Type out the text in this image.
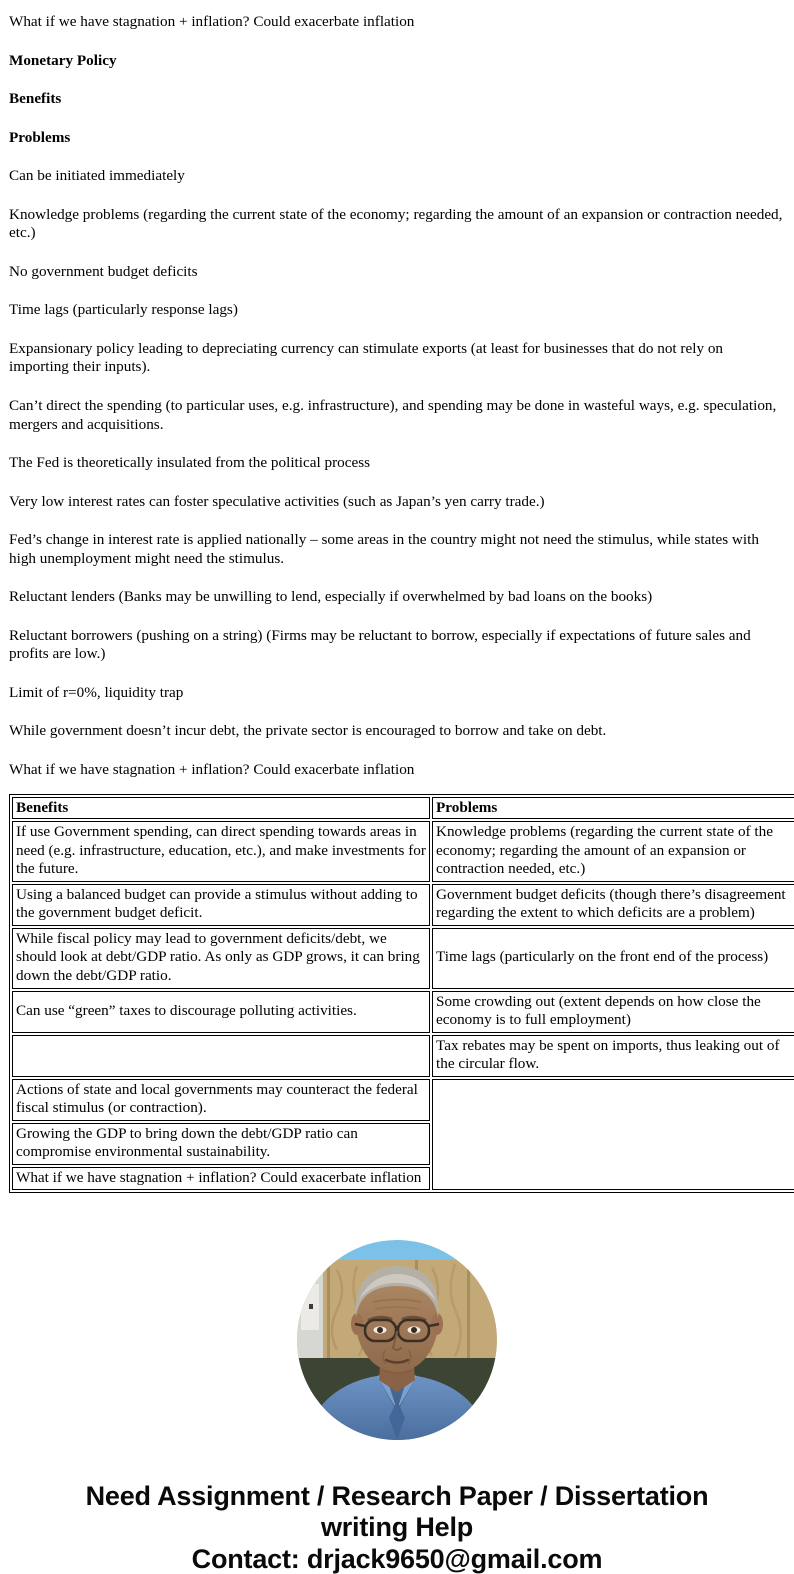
What if we have stagnation + inflation? Could exacerbate inflation

Monetary Policy

Benefits

Problems

Can be initiated immediately

Knowledge problems (regarding the current state of the economy; regarding the amount of an expansion or contraction needed, etc.)

No government budget deficits

Time lags (particularly response lags)

Expansionary policy leading to depreciating currency can stimulate exports (at least for businesses that do not rely on importing their inputs).

Can’t direct the spending (to particular uses, e.g. infrastructure), and spending may be done in wasteful ways, e.g. speculation, mergers and acquisitions.

The Fed is theoretically insulated from the political process

Very low interest rates can foster speculative activities (such as Japan’s yen carry trade.)

Fed’s change in interest rate is applied nationally – some areas in the country might not need the stimulus, while states with high unemployment might need the stimulus.

Reluctant lenders (Banks may be unwilling to lend, especially if overwhelmed by bad loans on the books)

Reluctant borrowers (pushing on a string) (Firms may be reluctant to borrow, especially if expectations of future sales and profits are low.)

Limit of r=0%, liquidity trap

While government doesn’t incur debt, the private sector is encouraged to borrow and take on debt.

What if we have stagnation + inflation? Could exacerbate inflation

Benefits	Problems
If use Government spending, can direct spending towards areas in need (e.g. infrastructure, education, etc.), and make investments for the future.	Knowledge problems (regarding the current state of the economy; regarding the amount of an expansion or contraction needed, etc.)
Using a balanced budget can provide a stimulus without adding to the government budget deficit.	Government budget deficits (though there’s disagreement regarding the extent to which deficits are a problem)
While fiscal policy may lead to government deficits/debt, we should look at debt/GDP ratio. As only as GDP grows, it can bring down the debt/GDP ratio.	Time lags (particularly on the front end of the process)
Can use “green” taxes to discourage polluting activities.	Some crowding out (extent depends on how close the economy is to full employment)
	Tax rebates may be spent on imports, thus leaking out of the circular flow.
Actions of state and local governments may counteract the federal fiscal stimulus (or contraction).	
Growing the GDP to bring down the debt/GDP ratio can compromise environmental sustainability.	
What if we have stagnation + inflation? Could exacerbate inflation	
Need Assignment / Research Paper / Dissertation
writing Help
Contact: drjack9650@gmail.com
